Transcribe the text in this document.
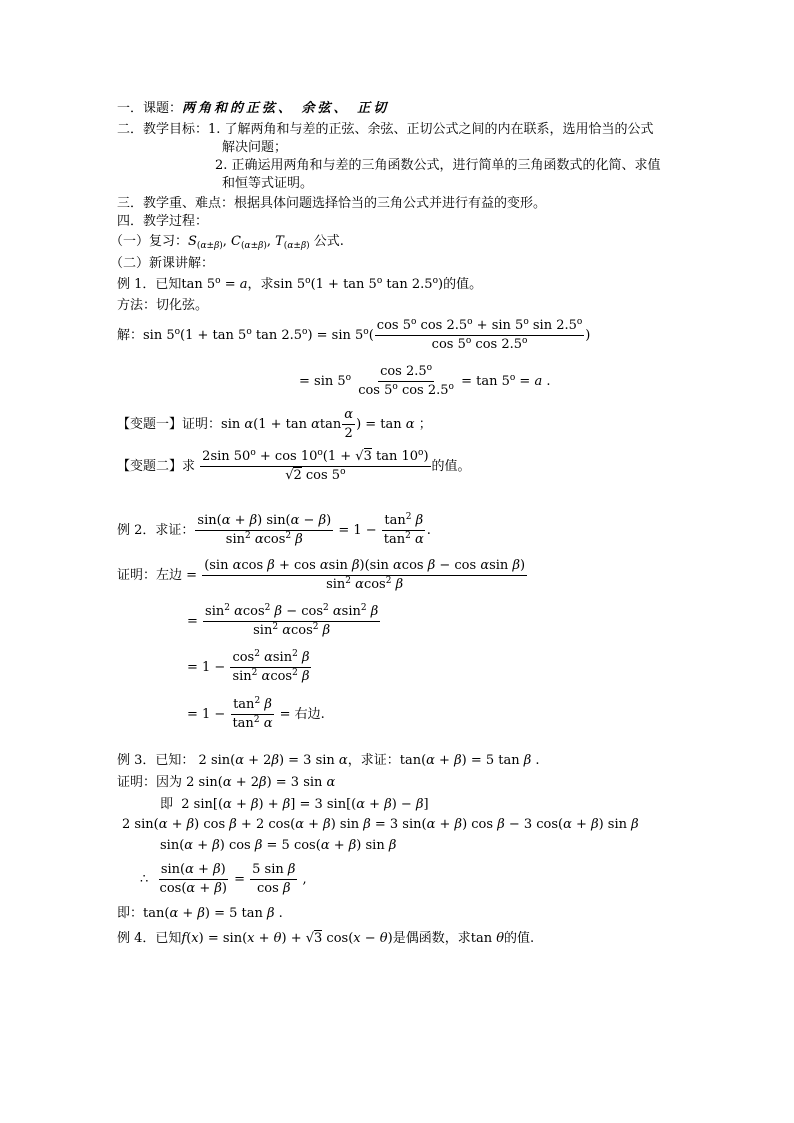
一．课题：两角和的正弦、 余弦、 正切
二．教学目标：1. 了解两角和与差的正弦、余弦、正切公式之间的内在联系，选用恰当的公式
解决问题；
2. 正确运用两角和与差的三角函数公式，进行简单的三角函数式的化简、求值
和恒等式证明。
三．教学重、难点：根据具体问题选择恰当的三角公式并进行有益的变形。
四．教学过程：
（一）复习：$S_{(\alpha\pm\beta)}$, $C_{(\alpha\pm\beta)}$, $T_{(\alpha\pm\beta)}$ 公式.
（二）新课讲解：
例 1．已知$\tan 5^o = a$，求$\sin 5^o(1 + \tan 5^o$ tan 2.5$^o$)的值。
方法：切化弦。
解：$\sin 5^o(1 + \tan 5^o$ $\tan 2.5^o) = \sin 5^o( \frac{\cos 5^o \cos 2.5^o + \sin 5^o \sin 2.5^o}{\cos 5^o \cos 2.5^o}$ )
= $\sin 5^o \frac{\cos 2.5^o}{\cos 5^o \cos 2.5^o} = \tan 5^o = a$ .
【变题一】证明：sin α(1 + tan αtan $\frac{\alpha}{2}$ ) = tan α ；
【变题二】求 $\frac{2\sin 50^o + \cos 10^o(1 + √3 \tan 10^o)}{√2 \cos 5^o}$ 的值。
例 2．求证： $\frac{\sin(\alpha + \beta) \sin(\alpha - \beta)}{\sin^2 \alpha\cos^2 \beta} = 1 - \frac{\tan^2 \beta}{\tan^2 \alpha}$ .
证明：左边 = $\frac{\text{(sin αcos β + cos αsin β)(sin αcos β − cos αsin β)}}{\sin^2 \alpha\cos^2 \beta}$
= $\frac{\sin^2 \alpha\cos^2 \beta - \cos^2 \alpha\sin^2 \beta}{\sin^2 \alpha\cos^2 \beta}$
= $1 - \frac{\cos^2 \alpha\sin^2 \beta}{\sin^2 \alpha\cos^2 \beta}$
= $1 - \frac{\tan^2 \beta}{\tan^2 \alpha}$ = 右边.
例 3．已知： 2 sin(α + 2β) = 3 sin α，求证：tan(α + β) = 5 tan β .
证明：因为 2 sin(α + 2β) = 3 sin α
即  2 sin[(α + β) + β] = 3 sin[(α + β) − β]
2 sin(α + β) cos β + 2 cos(α + β) sin β = 3 sin(α + β) cos β − 3 cos(α + β) sin β
sin(α + β) cos β = 5 cos(α + β) sin β
∴ $\frac{\sin(\alpha + \beta)}{\cos(\alpha + \beta)} = \frac{\text{5 sin β}}{\text{cos β}}$ ,
即：tan(α + β) = 5 tan β .
例 4．已知f(x) = sin(x + θ) + √3 cos(x − θ)是偶函数，求tan θ的值.
